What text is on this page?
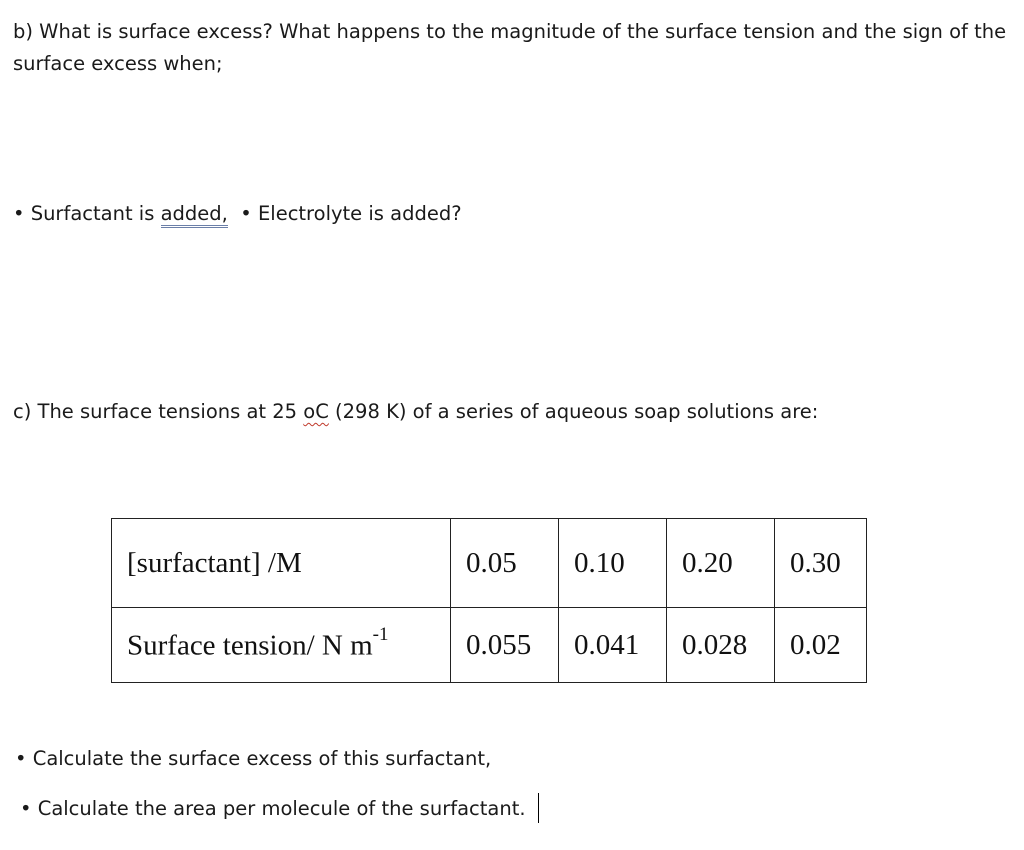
b) What is surface excess? What happens to the magnitude of the surface tension and the sign of the
surface excess when;
• Surfactant is added,  • Electrolyte is added?
c) The surface tensions at 25 oC (298 K) of a series of aqueous soap solutions are:
[surfactant] /M	0.05	0.10	0.20	0.30
Surface tension/ N $m^{-1}$	0.055	0.041	0.028	0.02
• Calculate the surface excess of this surfactant,
• Calculate the area per molecule of the surfactant.
